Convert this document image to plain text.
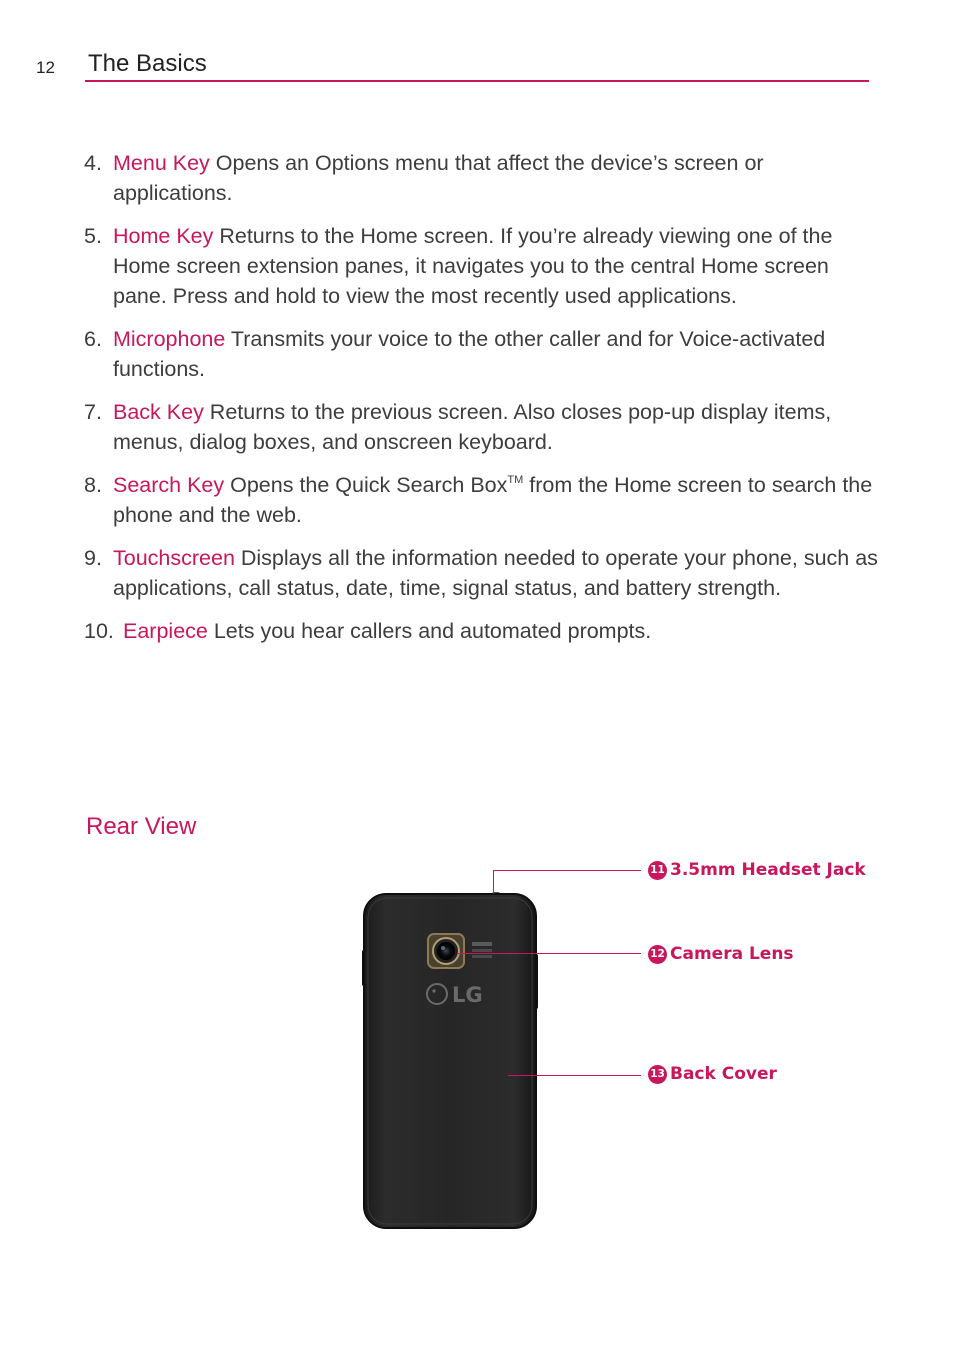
12 The Basics
4. Menu Key Opens an Options menu that affect the device’s screen or applications.
5. Home Key Returns to the Home screen. If you’re already viewing one of the Home screen extension panes, it navigates you to the central Home screen pane. Press and hold to view the most recently used applications.
6. Microphone Transmits your voice to the other caller and for Voice-activated functions.
7. Back Key Returns to the previous screen. Also closes pop-up display items, menus, dialog boxes, and onscreen keyboard.
8. Search Key Opens the Quick Search Box™ from the Home screen to search the phone and the web.
9. Touchscreen Displays all the information needed to operate your phone, such as applications, call status, date, time, signal status, and battery strength.
10. Earpiece Lets you hear callers and automated prompts.
Rear View
LG
11 3.5mm Headset Jack
12 Camera Lens
13 Back Cover
